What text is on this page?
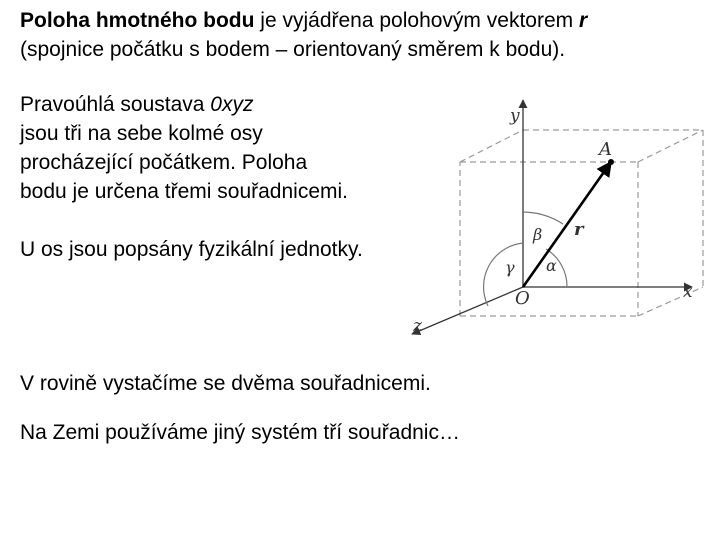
Poloha hmotného bodu je vyjádřena polohovým vektorem r
(spojnice počátku s bodem – orientovaný směrem k bodu).

Pravoúhlá soustava 0xyz
jsou tři na sebe kolmé osy
procházející počátkem. Poloha
bodu je určena třemi souřadnicemi.

U os jsou popsány fyzikální jednotky.

V rovině vystačíme se dvěma souřadnicemi.

Na Zemi používáme jiný systém tří souřadnic…

y
x
z
O
A
r
α
β
γ
